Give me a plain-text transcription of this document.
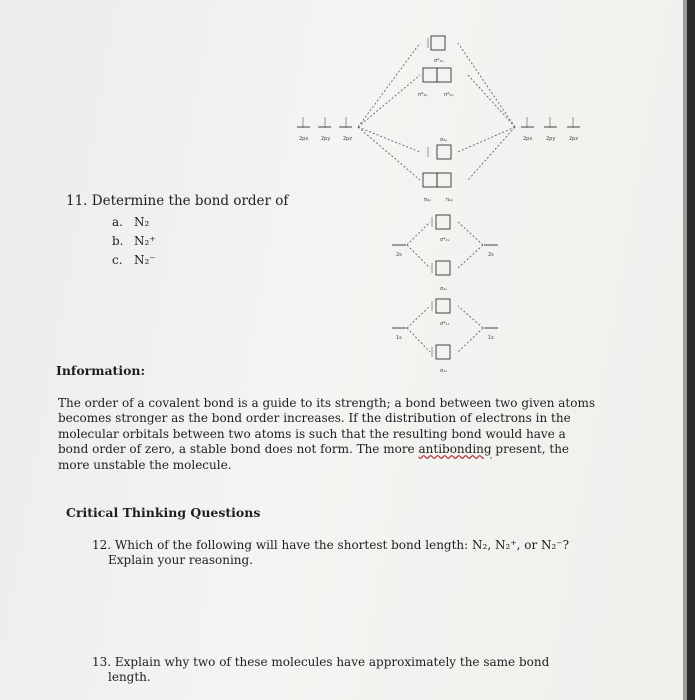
σ*₂ₚ
π*₂ₚ	π*₂ₚ
σ₂ₚ
π₂ₚ	π₂ₚ
2px	2py	2pz	2px	2py	2pz
σ*₂ₛ
2s	2s
σ₂ₛ
σ*₁ₛ
1s	1s
σ₁ₛ
11. Determine the bond order of
a. N₂
b. N₂⁺
c. N₂⁻
Information:
The order of a covalent bond is a guide to its strength; a bond between two given atoms becomes stronger as the bond order increases. If the distribution of electrons in the molecular orbitals between two atoms is such that the resulting bond would have a bond order of zero, a stable bond does not form. The more antibonding present, the more unstable the molecule.
Critical Thinking Questions
12. Which of the following will have the shortest bond length: N₂, N₂⁺, or N₂⁻?
Explain your reasoning.
13. Explain why two of these molecules have approximately the same bond
length.
